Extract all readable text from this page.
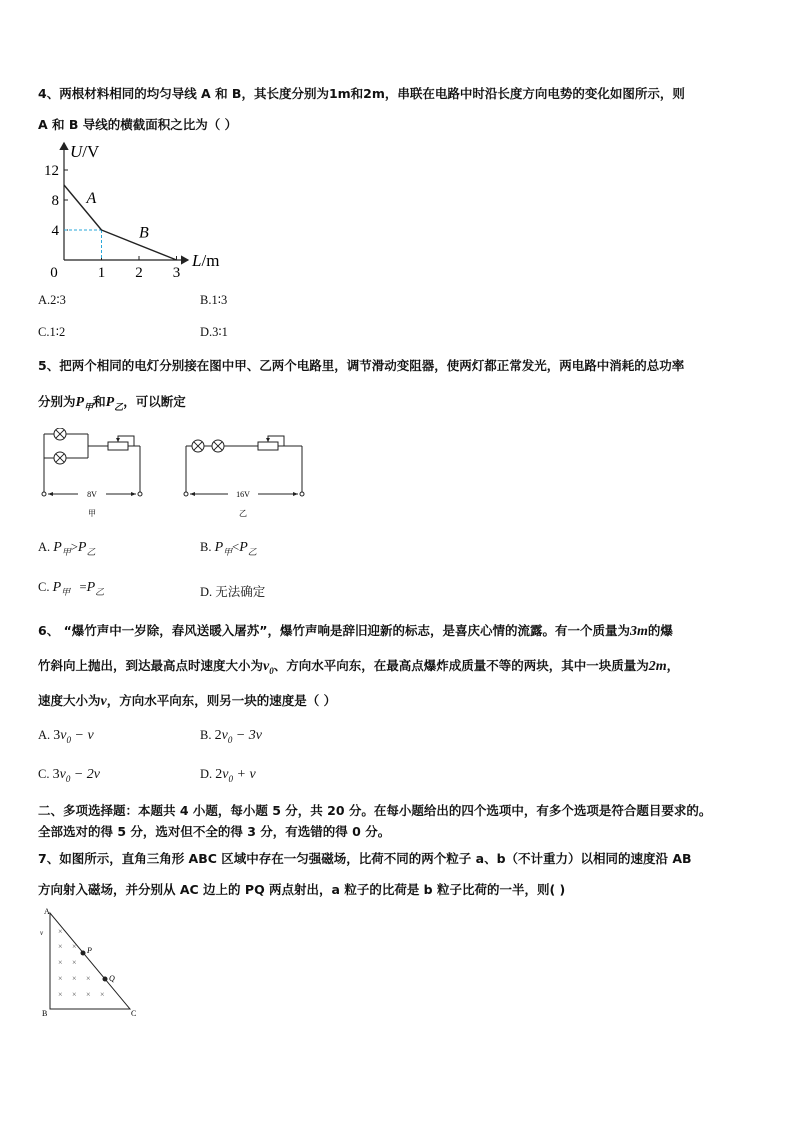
4、两根材料相同的均匀导线 A 和 B，其长度分别为1m和2m，串联在电路中时沿长度方向电势的变化如图所示，则
A 和 B 导线的横截面积之比为（ ）
U/V
L/m
4
8
12
0	1 2 3
A
B
A.2∶3	B.1∶3
C.1∶2	D.3∶1
5、把两个相同的电灯分别接在图中甲、乙两个电路里，调节滑动变阻器，使两灯都正常发光，两电路中消耗的总功率
分别为$P_甲$和$P_乙$，可以断定
8V
甲
16V
乙
A. $P_甲>P_乙$	B. $P_甲<P_乙$
C. $P_甲 =P_乙$	D. 无法确定
6、 “爆竹声中一岁除，春风送暖入屠苏”，爆竹声响是辞旧迎新的标志，是喜庆心情的流露。有一个质量为3m的爆
竹斜向上抛出，到达最高点时速度大小为$v_0$、方向水平向东，在最高点爆炸成质量不等的两块，其中一块质量为2m，
速度大小为v，方向水平向东，则另一块的速度是（ ）
A. $3v_0 - v$	B. $2v_0 - 3v$
C. $3v_0 - 2v$	D. $2v_0 + v$
二、多项选择题：本题共 4 小题，每小题 5 分，共 20 分。在每小题给出的四个选项中，有多个选项是符合题目要求的。
全部选对的得 5 分，选对但不全的得 3 分，有选错的得 0 分。
7、如图所示，直角三角形 ABC 区域中存在一匀强磁场，比荷不同的两个粒子 a、b（不计重力）以相同的速度沿 AB
方向射入磁场，并分别从 AC 边上的 PQ 两点射出，a 粒子的比荷是 b 粒子比荷的一半，则( )
A
B	C
v ×
× ×
× ×
× × ×
× × × ×
P
Q
